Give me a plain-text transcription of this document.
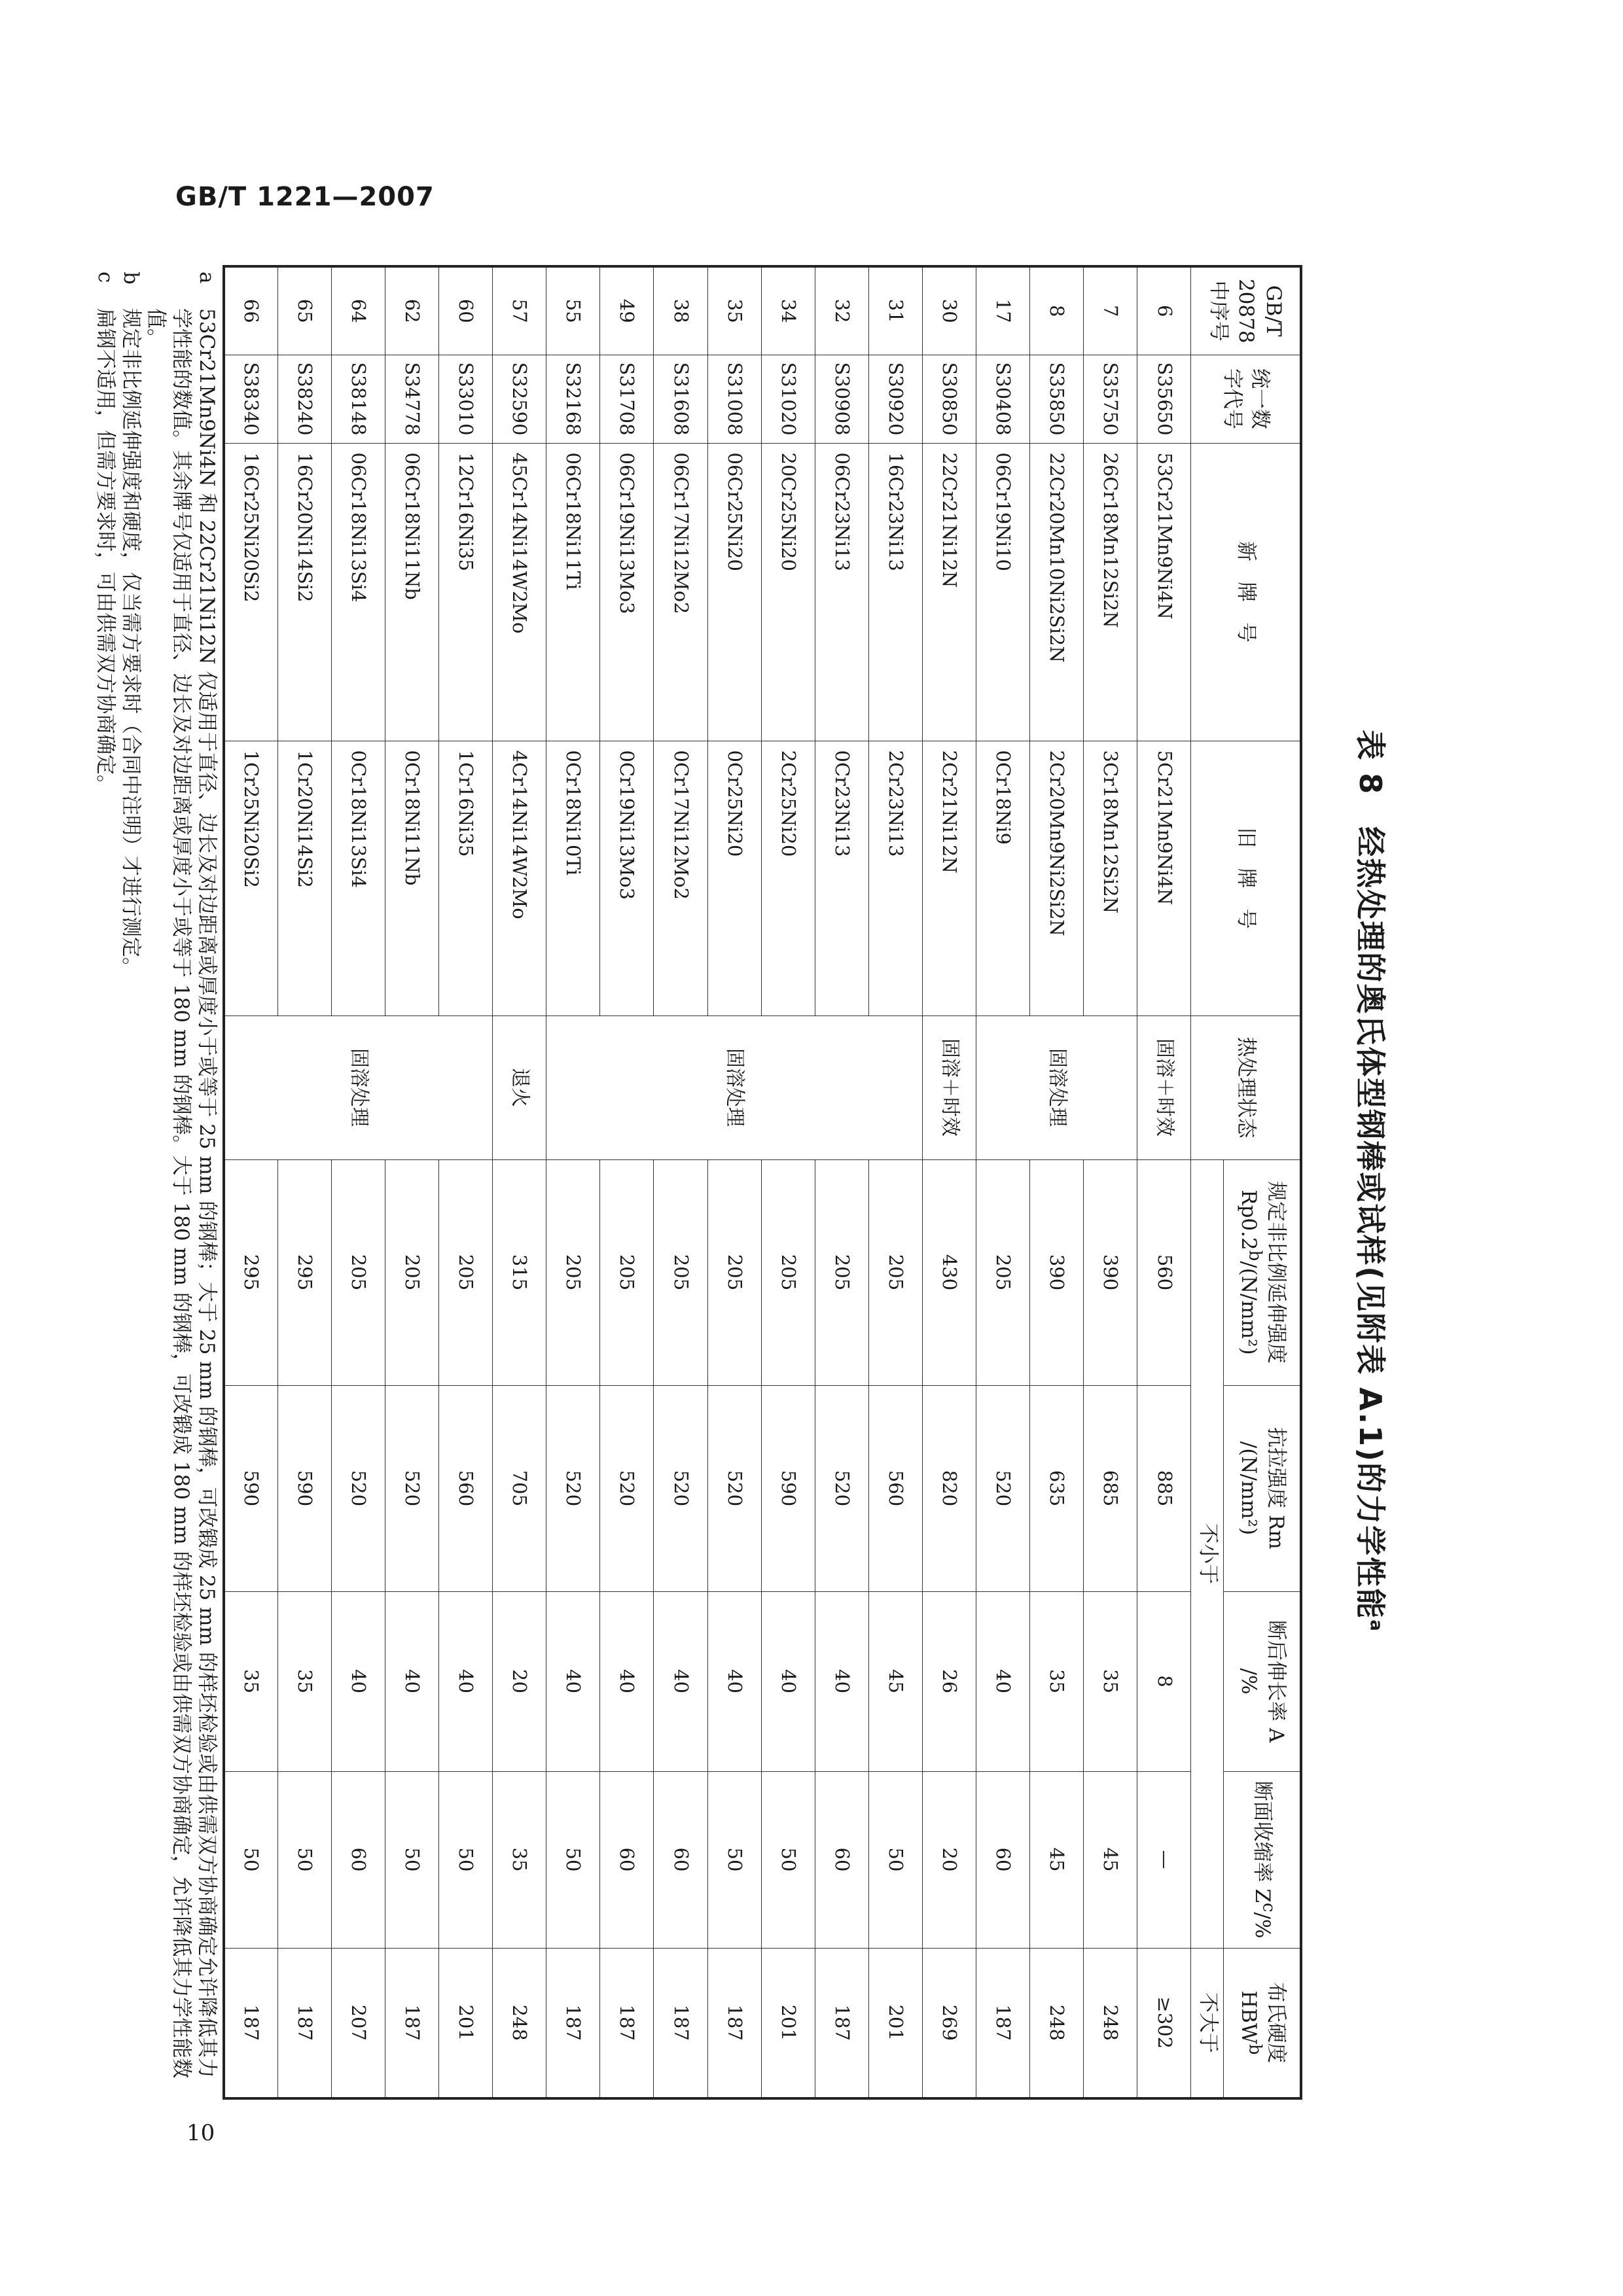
GB/T 1221—2007
表 8　经热处理的奥氏体型钢棒或试样(见附表 A.1)的力学性能$^a$
GB/T 20878 中序号	统一数字代号	新　牌　号	旧　牌　号	热处理状态	规定非比例延伸强度 Rp0.2$^b$/(N/mm²)	抗拉强度 Rm
/(N/mm²)	断后伸长率 A
/%	断面收缩率 $Z^c/\%$	布氏硬度 HBW$^b$
					不小于				不大于
6	S35650	53Cr21Mn9Ni4N	5Cr21Mn9Ni4N	固溶＋时效	560	885	8	—	≥302
7	S35750	26Cr18Mn12Si2N	3Cr18Mn12Si2N	固溶处理	390	685	35	45	248
8	S35850	22Cr20Mn10Ni2Si2N	2Cr20Mn9Ni2Si2N		390	635	35	45	248
17	S30408	06Cr19Ni10	0Cr18Ni9		205	520	40	60	187
30	S30850	22Cr21Ni12N	2Cr21Ni12N	固溶＋时效	430	820	26	20	269
31	S30920	16Cr23Ni13	2Cr23Ni13	固溶处理	205	560	45	50	201
32	S30908	06Cr23Ni13	0Cr23Ni13		205	520	40	60	187
34	S31020	20Cr25Ni20	2Cr25Ni20		205	590	40	50	201
35	S31008	06Cr25Ni20	0Cr25Ni20		205	520	40	50	187
38	S31608	06Cr17Ni12Mo2	0Cr17Ni12Mo2		205	520	40	60	187
49	S31708	06Cr19Ni13Mo3	0Cr19Ni13Mo3		205	520	40	60	187
55	S32168	06Cr18Ni11Ti	0Cr18Ni10Ti		205	520	40	50	187
57	S32590	45Cr14Ni14W2Mo	4Cr14Ni14W2Mo	退火	315	705	20	35	248
60	S33010	12Cr16Ni35	1Cr16Ni35	固溶处理	205	560	40	50	201
62	S34778	06Cr18Ni11Nb	0Cr18Ni11Nb		205	520	40	50	187
64	S38148	06Cr18Ni13Si4	0Cr18Ni13Si4		205	520	40	60	207
65	S38240	16Cr20Ni14Si2	1Cr20Ni14Si2		295	590	35	50	187
66	S38340	16Cr25Ni20Si2	1Cr25Ni20Si2		295	590	35	50	187
a
53Cr21Mn9Ni4N 和 22Cr21Ni12N 仅适用于直径、边长及对边距离或厚度小于或等于 25 mm 的钢棒；大于 25 mm 的钢棒，可改锻成 25 mm 的样坯检验或由供需双方协商确定允许降低其力学性能的数值。其余牌号仅适用于直径、边长及对边距离或厚度小于或等于 180 mm 的钢棒。大于 180 mm 的钢棒，可改锻成 180 mm 的样坯检验或由供需双方协商确定，允许降低其力学性能数值。
b
规定非比例延伸强度和硬度，仅当需方要求时（合同中注明）才进行测定。
c
扁钢不适用，但需方要求时，可由供需双方协商确定。
10
